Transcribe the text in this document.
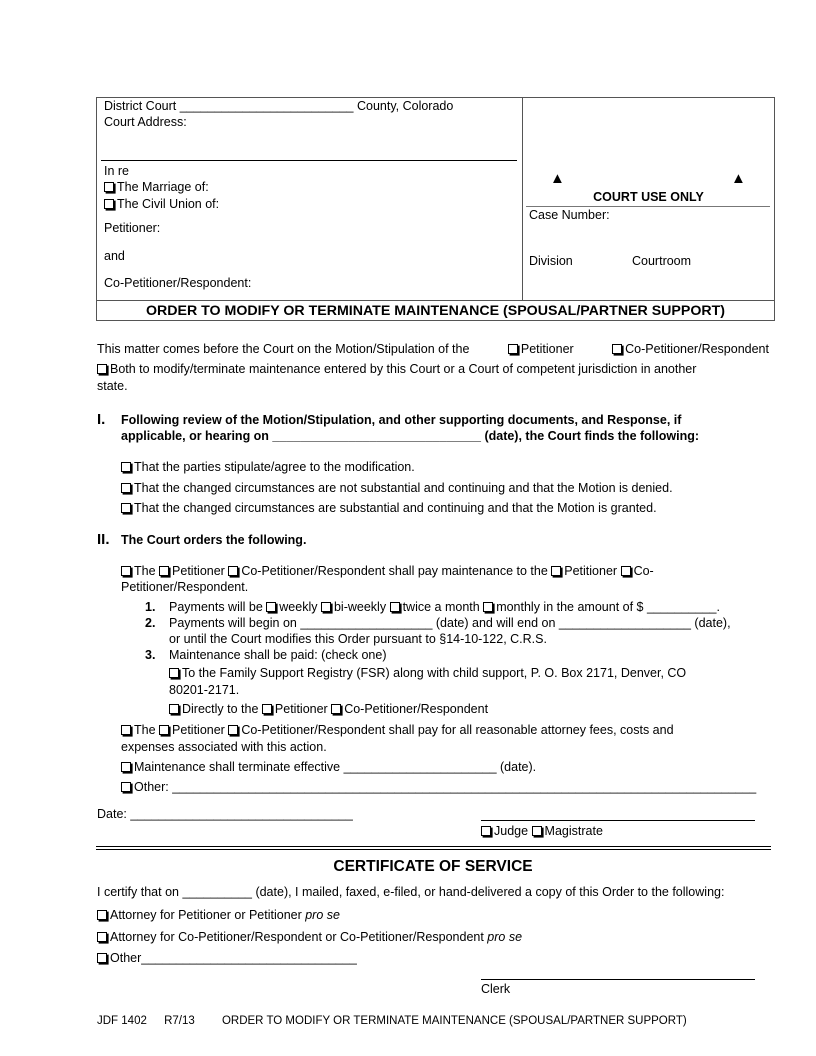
District Court _________________________ County, Colorado
Court Address:
In re
The Marriage of:
The Civil Union of:
Petitioner:
and
Co-Petitioner/Respondent:
▲	▲
COURT USE ONLY
Case Number:
Division	Courtroom
ORDER TO MODIFY OR TERMINATE MAINTENANCE (SPOUSAL/PARTNER SUPPORT)
This matter comes before the Court on the Motion/Stipulation of the	Petitioner	Co-Petitioner/Respondent
Both to modify/terminate maintenance entered by this Court or a Court of competent jurisdiction in another
state.
I. Following review of the Motion/Stipulation, and other supporting documents, and Response, if
applicable, or hearing on ______________________________ (date), the Court finds the following:
That the parties stipulate/agree to the modification.
That the changed circumstances are not substantial and continuing and that the Motion is denied.
That the changed circumstances are substantial and continuing and that the Motion is granted.
II. The Court orders the following.
The Petitioner Co-Petitioner/Respondent shall pay maintenance to the Petitioner Co-
Petitioner/Respondent.
1. Payments will be weekly bi-weekly twice a month monthly in the amount of $ __________.
2. Payments will begin on ___________________ (date) and will end on ___________________ (date),
or until the Court modifies this Order pursuant to §14-10-122, C.R.S.
3. Maintenance shall be paid: (check one)
To the Family Support Registry (FSR) along with child support, P. O. Box 2171, Denver, CO
80201-2171.
Directly to the Petitioner Co-Petitioner/Respondent
The Petitioner Co-Petitioner/Respondent shall pay for all reasonable attorney fees, costs and
expenses associated with this action.
Maintenance shall terminate effective ______________________ (date).
Other: ____________________________________________________________________________________
Date: ________________________________
Judge Magistrate
CERTIFICATE OF SERVICE
I certify that on __________ (date), I mailed, faxed, e-filed, or hand-delivered a copy of this Order to the following:
Attorney for Petitioner or Petitioner pro se
Attorney for Co-Petitioner/Respondent or Co-Petitioner/Respondent pro se
Other_______________________________
Clerk
JDF 1402 R7/13 ORDER TO MODIFY OR TERMINATE MAINTENANCE (SPOUSAL/PARTNER SUPPORT)
